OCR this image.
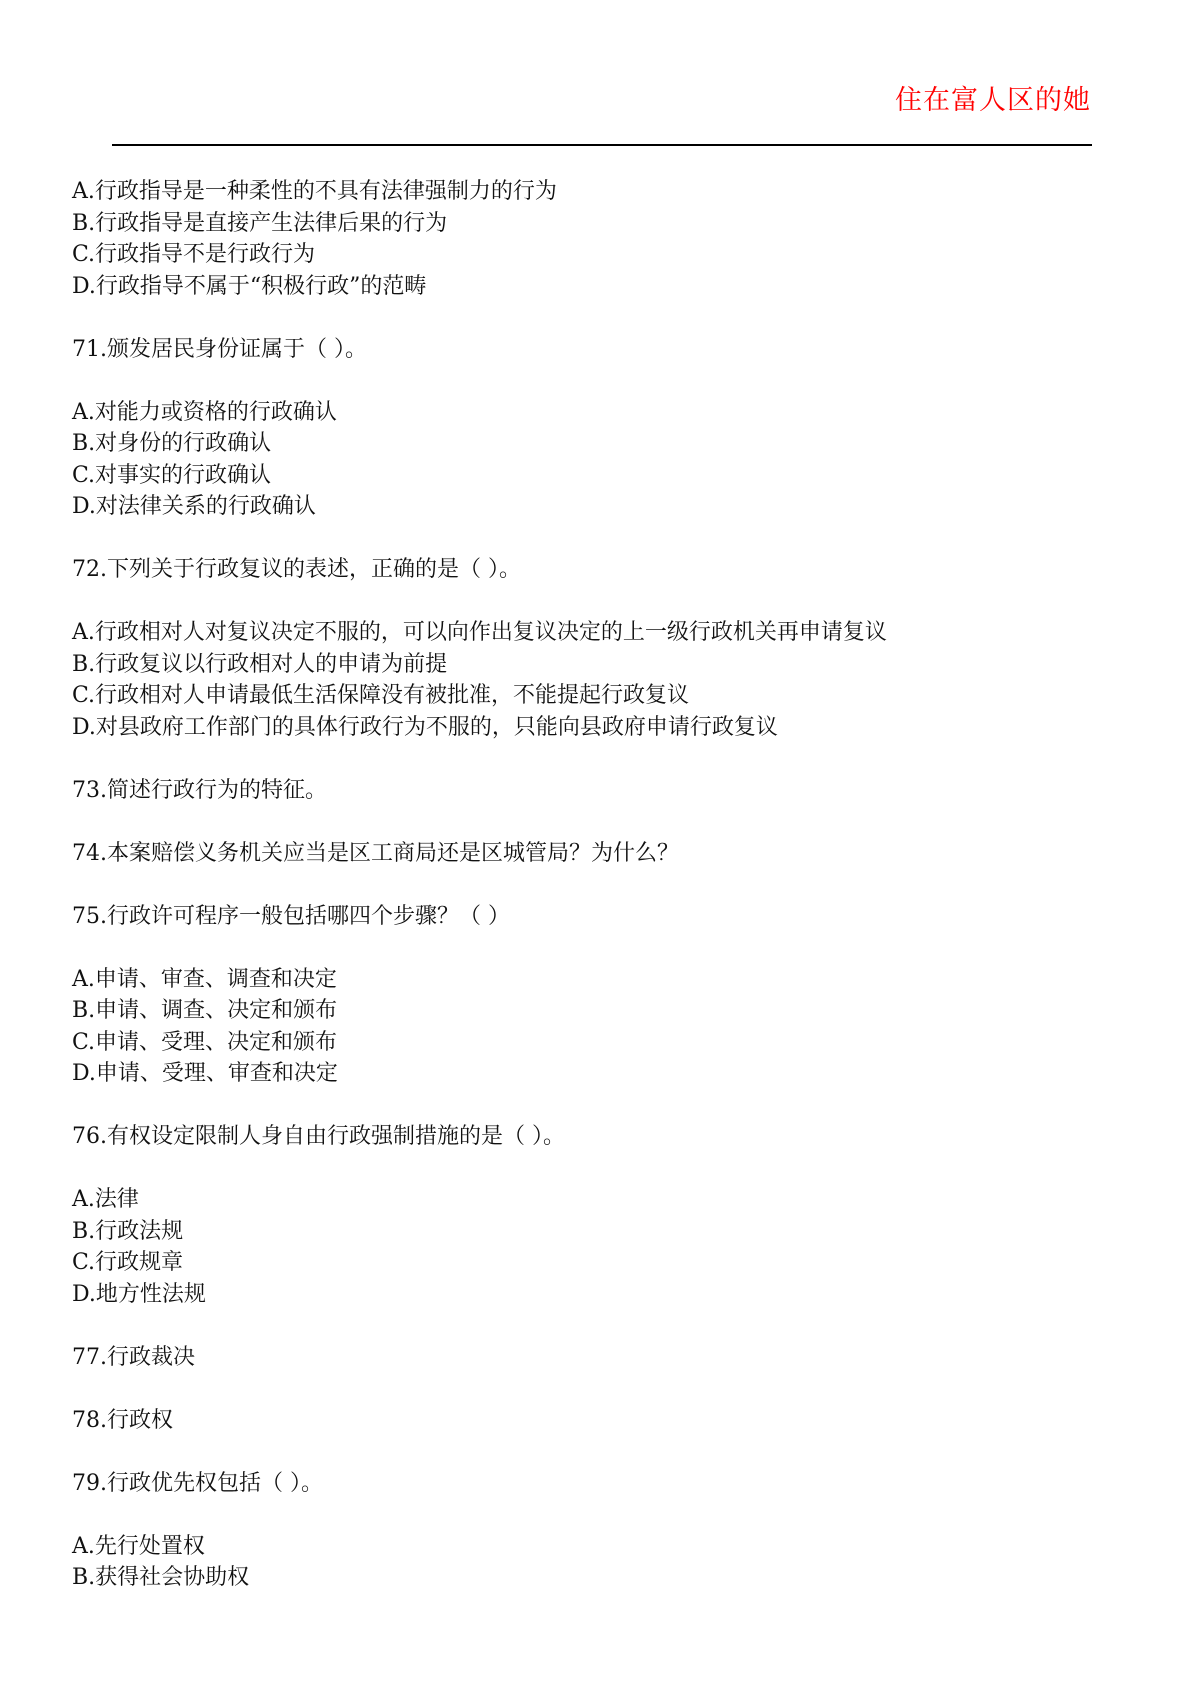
住在富人区的她
A.行政指导是一种柔性的不具有法律强制力的行为
B.行政指导是直接产生法律后果的行为
C.行政指导不是行政行为
D.行政指导不属于“积极行政”的范畴
71.颁发居民身份证属于（ ）。
A.对能力或资格的行政确认
B.对身份的行政确认
C.对事实的行政确认
D.对法律关系的行政确认
72.下列关于行政复议的表述，正确的是（ ）。
A.行政相对人对复议决定不服的，可以向作出复议决定的上一级行政机关再申请复议
B.行政复议以行政相对人的申请为前提
C.行政相对人申请最低生活保障没有被批准，不能提起行政复议
D.对县政府工作部门的具体行政行为不服的，只能向县政府申请行政复议
73.简述行政行为的特征。
74.本案赔偿义务机关应当是区工商局还是区城管局？为什么？
75.行政许可程序一般包括哪四个步骤？（ ）
A.申请、审查、调查和决定
B.申请、调查、决定和颁布
C.申请、受理、决定和颁布
D.申请、受理、审查和决定
76.有权设定限制人身自由行政强制措施的是（ ）。
A.法律
B.行政法规
C.行政规章
D.地方性法规
77.行政裁决
78.行政权
79.行政优先权包括（ ）。
A.先行处置权
B.获得社会协助权
